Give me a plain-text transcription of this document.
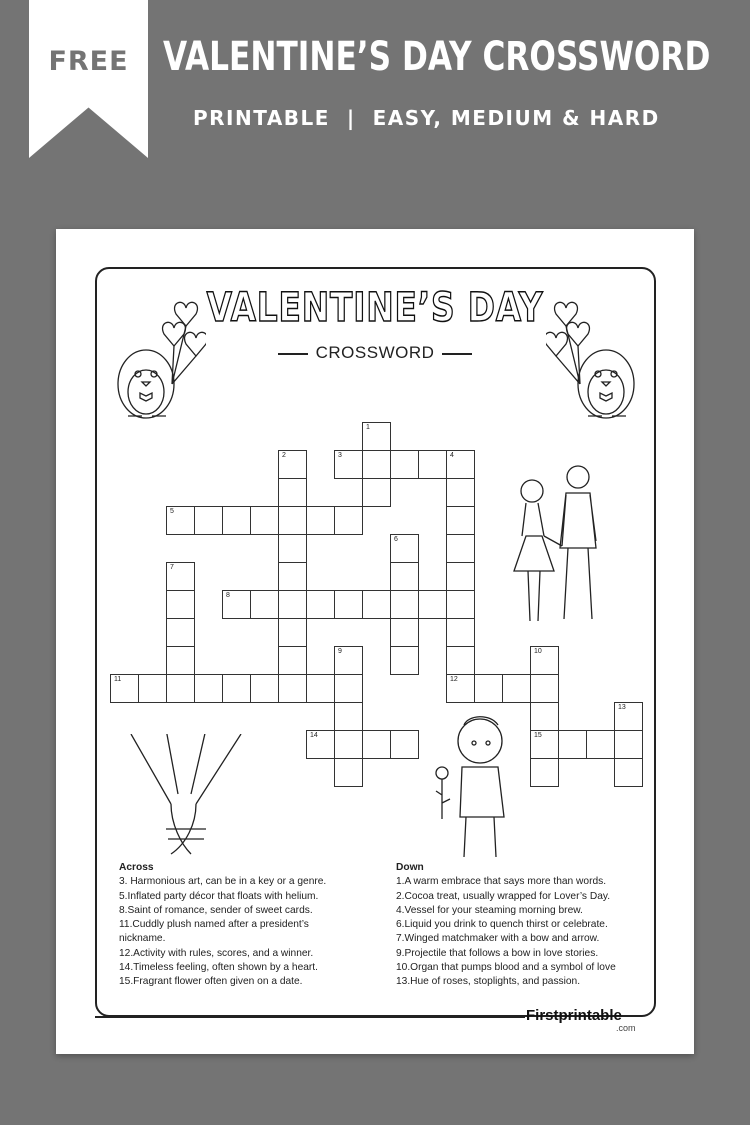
FREE VALENTINE’S DAY CROSSWORD
PRINTABLE  |  EASY, MEDIUM & HARD
VALENTINE’S DAY
CROSSWORD
1
2	3	4
12
5
6
7
8
9	10
15
11
13
14
Across
3. Harmonious art, can be in a key or a genre.
5.Inflated party décor that floats with helium.
8.Saint of romance, sender of sweet cards.
11.Cuddly plush named after a president’s nickname.
12.Activity with rules, scores, and a winner.
14.Timeless feeling, often shown by a heart.
15.Fragrant flower often given on a date.
Down
1.A warm embrace that says more than words.
2.Cocoa treat, usually wrapped for Lover’s Day.
4.Vessel for your steaming morning brew.
6.Liquid you drink to quench thirst or celebrate.
7.Winged matchmaker with a bow and arrow.
9.Projectile that follows a bow in love stories.
10.Organ that pumps blood and a symbol of love
13.Hue of roses, stoplights, and passion.
Firstprintable
.com
